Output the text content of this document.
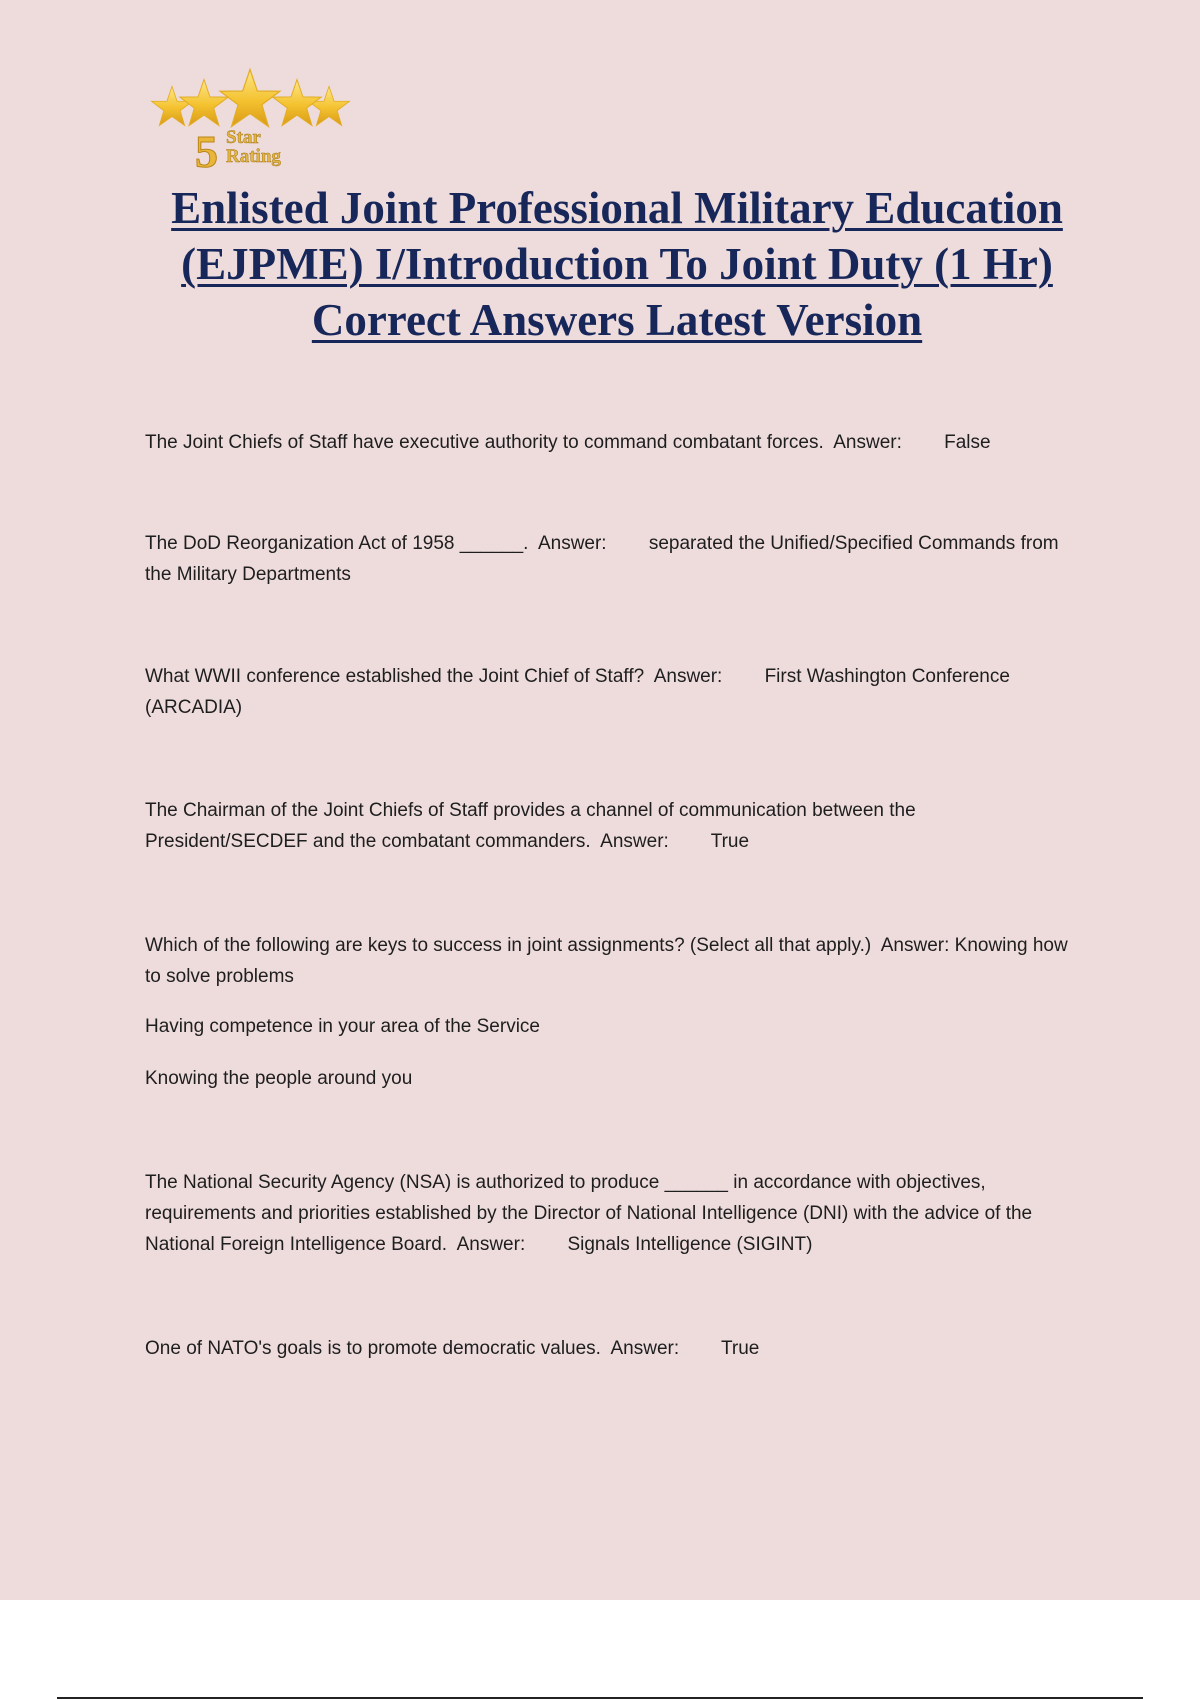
5 Star
Rating
Enlisted Joint Professional Military Education (EJPME) I/Introduction To Joint Duty (1 Hr) Correct Answers Latest Version

The Joint Chiefs of Staff have executive authority to command combatant forces. Answer: False

The DoD Reorganization Act of 1958 ______. Answer: separated the Unified/Specified Commands from the Military Departments

What WWII conference established the Joint Chief of Staff? Answer: First Washington Conference (ARCADIA)

The Chairman of the Joint Chiefs of Staff provides a channel of communication between the President/SECDEF and the combatant commanders. Answer: True

Which of the following are keys to success in joint assignments? (Select all that apply.) Answer: Knowing how to solve problems

Having competence in your area of the Service

Knowing the people around you

The National Security Agency (NSA) is authorized to produce ______ in accordance with objectives, requirements and priorities established by the Director of National Intelligence (DNI) with the advice of the National Foreign Intelligence Board. Answer: Signals Intelligence (SIGINT)

One of NATO's goals is to promote democratic values. Answer: True
